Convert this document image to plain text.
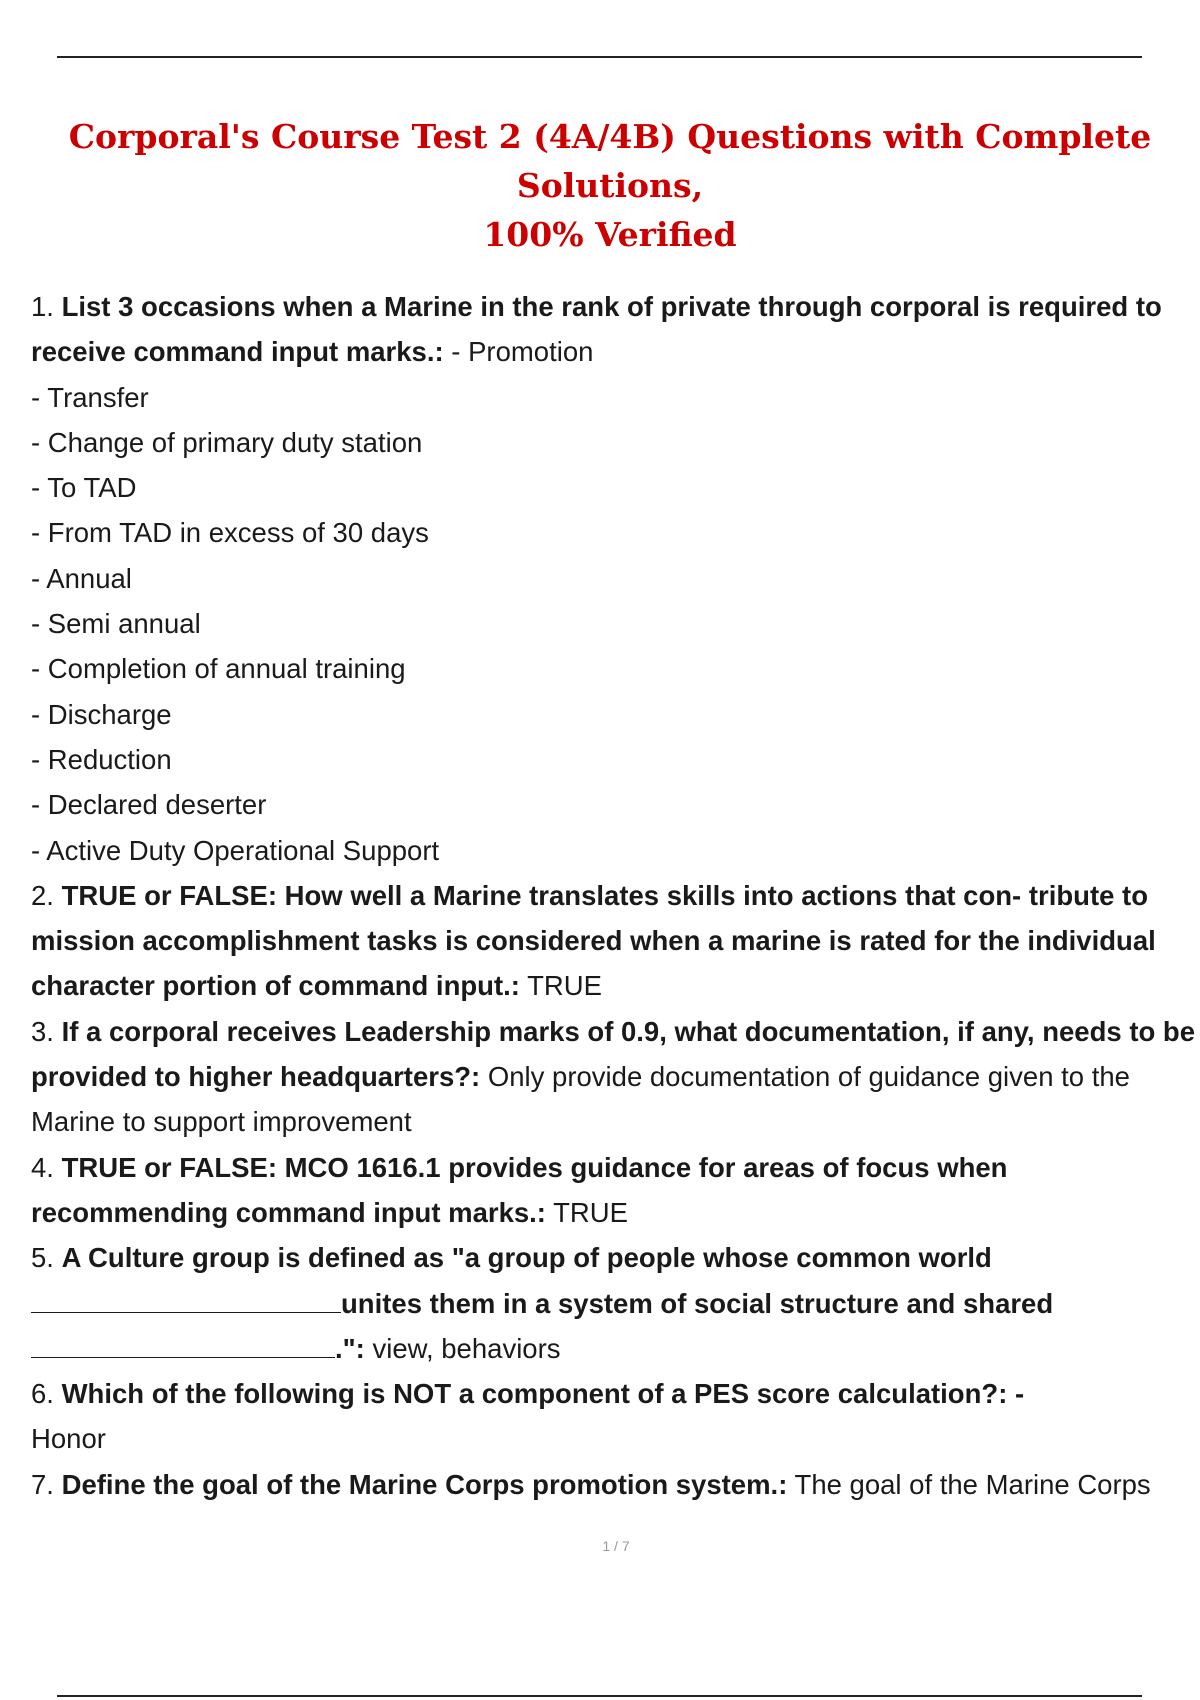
Corporal's Course Test 2 (4A/4B) Questions with Complete Solutions,
100% Verified
1. List 3 occasions when a Marine in the rank of private through corporal is required to
receive command input marks.: - Promotion
- Transfer
- Change of primary duty station
- To TAD
- From TAD in excess of 30 days
- Annual
- Semi annual
- Completion of annual training
- Discharge
- Reduction
- Declared deserter
- Active Duty Operational Support
2. TRUE or FALSE: How well a Marine translates skills into actions that con- tribute to
mission accomplishment tasks is considered when a marine is rated for the individual
character portion of command input.: TRUE
3. If a corporal receives Leadership marks of 0.9, what documentation, if any, needs to be
provided to higher headquarters?: Only provide documentation of guidance given to the
Marine to support improvement
4. TRUE or FALSE: MCO 1616.1 provides guidance for areas of focus when
recommending command input marks.: TRUE
5. A Culture group is defined as "a group of people whose common world
unites them in a system of social structure and shared
.": view, behaviors
6. Which of the following is NOT a component of a PES score calculation?: -
Honor
7. Define the goal of the Marine Corps promotion system.: The goal of the Marine Corps
1 / 7
